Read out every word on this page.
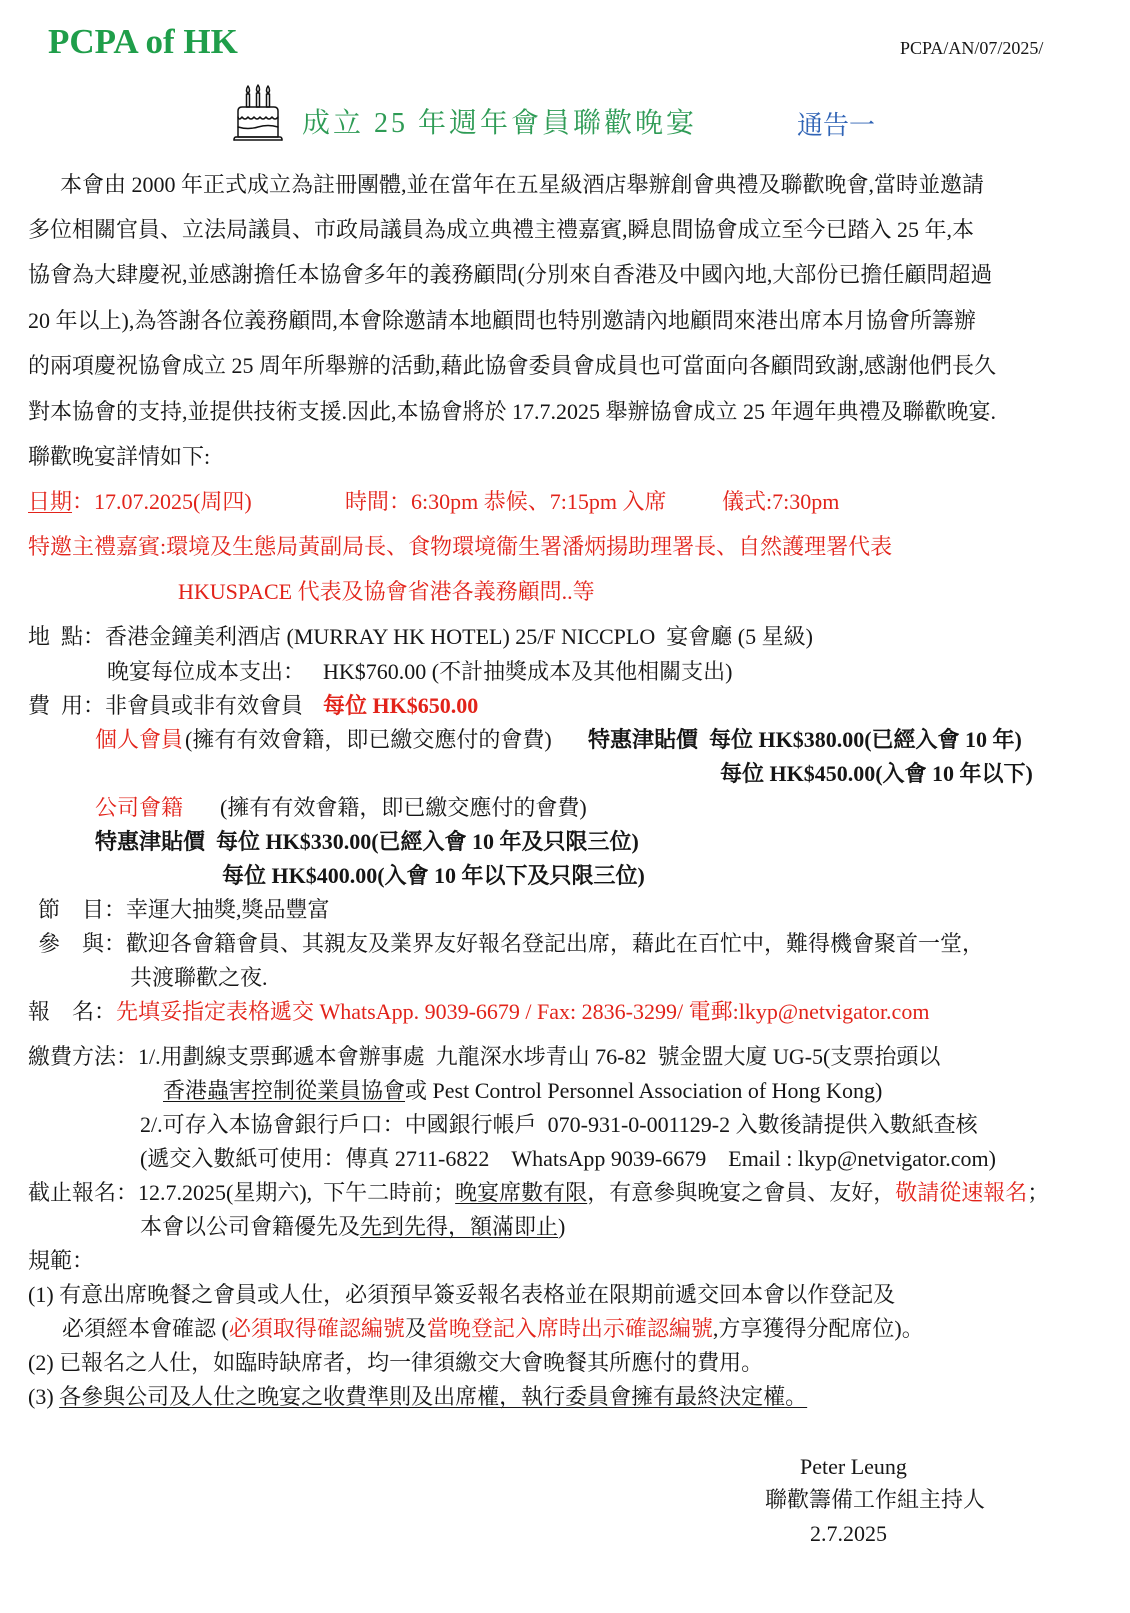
PCPA of HK	PCPA/AN/07/2025/
成立 25 年週年會員聯歡晚宴	通告一
本會由 2000 年正式成立為註冊團體,並在當年在五星級酒店舉辦創會典禮及聯歡晚會,當時並邀請
多位相關官員、立法局議員、市政局議員為成立典禮主禮嘉賓,瞬息間協會成立至今已踏入 25 年,本
協會為大肆慶祝,並感謝擔任本協會多年的義務顧問(分別來自香港及中國內地,大部份已擔任顧問超過
20 年以上),為答謝各位義務顧問,本會除邀請本地顧問也特別邀請內地顧問來港出席本月協會所籌辦
的兩項慶祝協會成立 25 周年所舉辦的活動,藉此協會委員會成員也可當面向各顧問致謝,感謝他們長久
對本協會的支持,並提供技術支援.因此,本協會將於 17.7.2025 舉辦協會成立 25 年週年典禮及聯歡晚宴.
聯歡晚宴詳情如下:
日期：17.07.2025(周四)	時間：6:30pm 恭候、7:15pm 入席	儀式:7:30pm
特邀主禮嘉賓:環境及生態局黃副局長、食物環境衞生署潘炳揚助理署長、自然護理署代表
HKUSPACE 代表及協會省港各義務顧問..等
地  點：香港金鐘美利酒店 (MURRAY HK HOTEL) 25/F NICCPLO  宴會廳 (5 星級)
晚宴每位成本支出： HK$760.00 (不計抽獎成本及其他相關支出)
費  用：非會員或非有效會員 每位 HK$650.00
個人會員 (擁有有效會籍，即已繳交應付的會費) 特惠津貼價  每位 HK$380.00(已經入會 10 年)
每位 HK$450.00(入會 10 年以下)
公司會籍 (擁有有效會籍，即已繳交應付的會費)
特惠津貼價  每位 HK$330.00(已經入會 10 年及只限三位)
每位 HK$400.00(入會 10 年以下及只限三位)
節　目：幸運大抽獎,獎品豐富
參　與：歡迎各會籍會員、其親友及業界友好報名登記出席，藉此在百忙中，難得機會聚首一堂，
共渡聯歡之夜.
報　名：先填妥指定表格遞交 WhatsApp. 9039-6679 / Fax: 2836-3299/ 電郵:lkyp@netvigator.com
繳費方法：1/.用劃線支票郵遞本會辦事處  九龍深水埗青山 76-82  號金盟大廈 UG-5(支票抬頭以
香港蟲害控制從業員協會或 Pest Control Personnel Association of Hong Kong)
2/.可存入本協會銀行戶口：中國銀行帳戶  070-931-0-001129-2 入數後請提供入數紙查核
(遞交入數紙可使用：傳真 2711-6822    WhatsApp 9039-6679    Email : lkyp@netvigator.com)
截止報名：12.7.2025(星期六),  下午二時前；晚宴席數有限，有意參與晚宴之會員、友好，敬請從速報名；
本會以公司會籍優先及先到先得，額滿即止)
規範：
(1) 有意出席晚餐之會員或人仕，必須預早簽妥報名表格並在限期前遞交回本會以作登記及
必須經本會確認 (必須取得確認編號及當晚登記入席時出示確認編號,方享獲得分配席位)。
(2) 已報名之人仕，如臨時缺席者，均一律須繳交大會晚餐其所應付的費用。
(3) 各參與公司及人仕之晚宴之收費準則及出席權，執行委員會擁有最終決定權。
Peter Leung
聯歡籌備工作組主持人
2.7.2025
